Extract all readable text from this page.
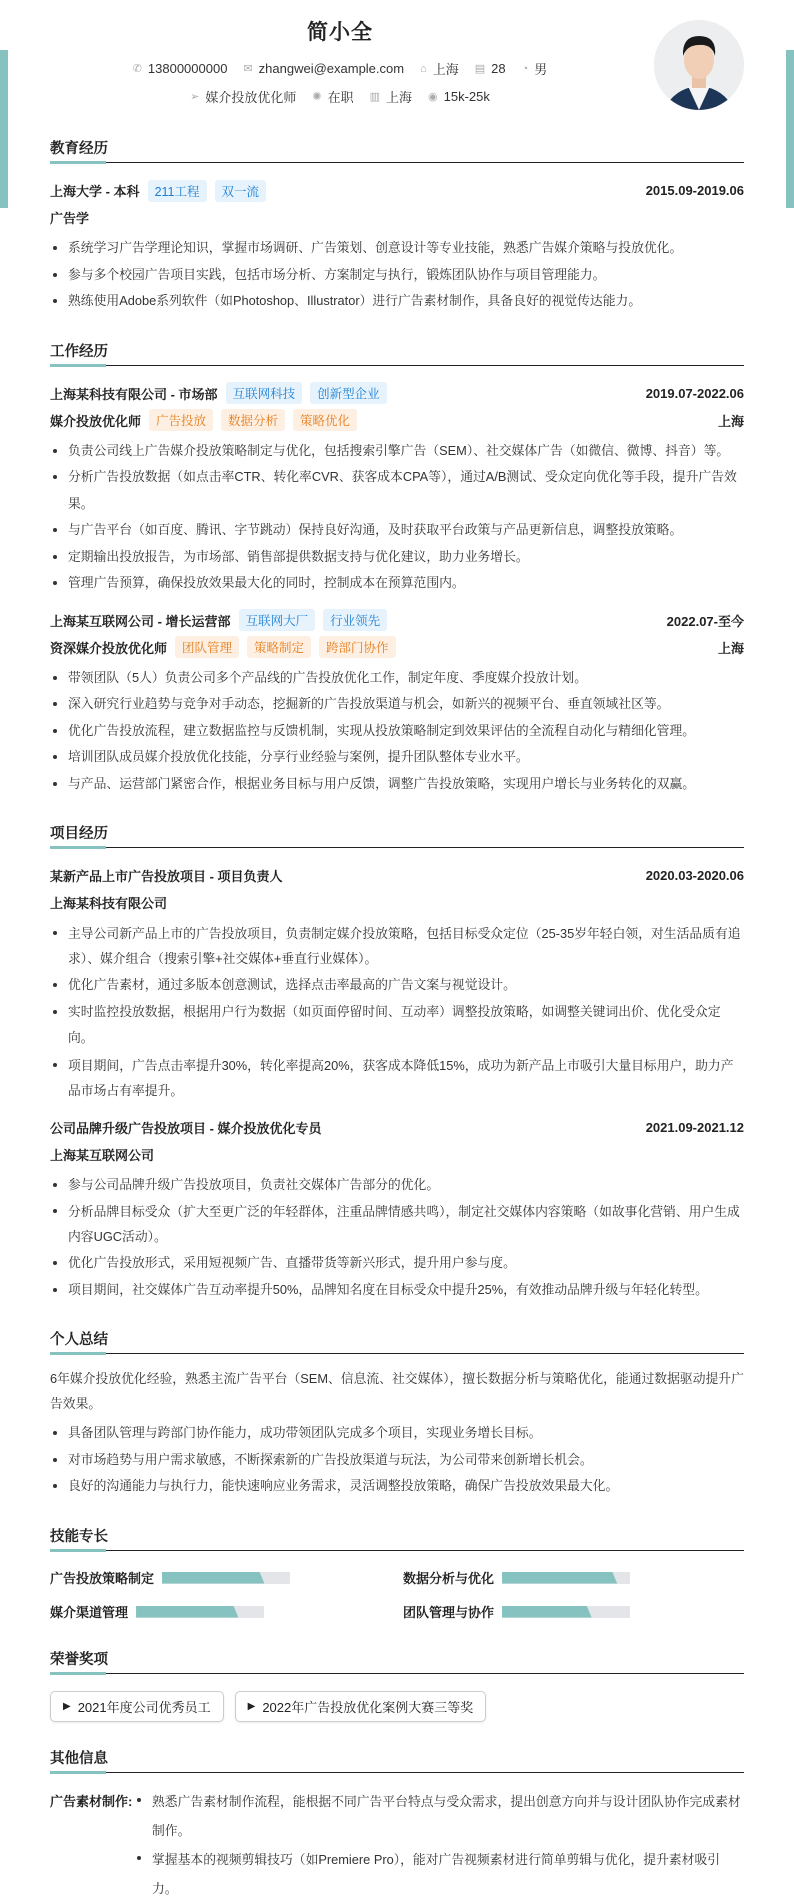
简小全
✆ 13800000000 ✉ zhangwei@example.com ⌂ 上海 ▤ 28 ◔ 男
➢ 媒介投放优化师 ✺ 在职 ▥ 上海 ◉ 15k-25k
教育经历
上海大学 - 本科	211工程	双一流	2015.09-2019.06
广告学
系统学习广告学理论知识，掌握市场调研、广告策划、创意设计等专业技能，熟悉广告媒介策略与投放优化。
参与多个校园广告项目实践，包括市场分析、方案制定与执行，锻炼团队协作与项目管理能力。
熟练使用Adobe系列软件（如Photoshop、Illustrator）进行广告素材制作，具备良好的视觉传达能力。
工作经历
上海某科技有限公司 - 市场部	互联网科技	创新型企业	2019.07-2022.06
媒介投放优化师	广告投放	数据分析	策略优化	上海
负责公司线上广告媒介投放策略制定与优化，包括搜索引擎广告（SEM）、社交媒体广告（如微信、微博、抖音）等。
分析广告投放数据（如点击率CTR、转化率CVR、获客成本CPA等），通过A/B测试、受众定向优化等手段，提升广告效果。
与广告平台（如百度、腾讯、字节跳动）保持良好沟通，及时获取平台政策与产品更新信息，调整投放策略。
定期输出投放报告，为市场部、销售部提供数据支持与优化建议，助力业务增长。
管理广告预算，确保投放效果最大化的同时，控制成本在预算范围内。
上海某互联网公司 - 增长运营部	互联网大厂	行业领先	2022.07-至今
资深媒介投放优化师	团队管理	策略制定	跨部门协作	上海
带领团队（5人）负责公司多个产品线的广告投放优化工作，制定年度、季度媒介投放计划。
深入研究行业趋势与竞争对手动态，挖掘新的广告投放渠道与机会，如新兴的视频平台、垂直领域社区等。
优化广告投放流程，建立数据监控与反馈机制，实现从投放策略制定到效果评估的全流程自动化与精细化管理。
培训团队成员媒介投放优化技能，分享行业经验与案例，提升团队整体专业水平。
与产品、运营部门紧密合作，根据业务目标与用户反馈，调整广告投放策略，实现用户增长与业务转化的双赢。
项目经历
某新产品上市广告投放项目 - 项目负责人	2020.03-2020.06
上海某科技有限公司
主导公司新产品上市的广告投放项目，负责制定媒介投放策略，包括目标受众定位（25-35岁年轻白领，对生活品质有追求）、媒介组合（搜索引擎+社交媒体+垂直行业媒体）。
优化广告素材，通过多版本创意测试，选择点击率最高的广告文案与视觉设计。
实时监控投放数据，根据用户行为数据（如页面停留时间、互动率）调整投放策略，如调整关键词出价、优化受众定向。
项目期间，广告点击率提升30%，转化率提高20%，获客成本降低15%，成功为新产品上市吸引大量目标用户，助力产品市场占有率提升。
公司品牌升级广告投放项目 - 媒介投放优化专员	2021.09-2021.12
上海某互联网公司
参与公司品牌升级广告投放项目，负责社交媒体广告部分的优化。
分析品牌目标受众（扩大至更广泛的年轻群体，注重品牌情感共鸣），制定社交媒体内容策略（如故事化营销、用户生成内容UGC活动）。
优化广告投放形式，采用短视频广告、直播带货等新兴形式，提升用户参与度。
项目期间，社交媒体广告互动率提升50%，品牌知名度在目标受众中提升25%，有效推动品牌升级与年轻化转型。
个人总结
6年媒介投放优化经验，熟悉主流广告平台（SEM、信息流、社交媒体），擅长数据分析与策略优化，能通过数据驱动提升广告效果。
具备团队管理与跨部门协作能力，成功带领团队完成多个项目，实现业务增长目标。
对市场趋势与用户需求敏感，不断探索新的广告投放渠道与玩法，为公司带来创新增长机会。
良好的沟通能力与执行力，能快速响应业务需求，灵活调整投放策略，确保广告投放效果最大化。
技能专长
广告投放策略制定	数据分析与优化
媒介渠道管理	团队管理与协作
荣誉奖项
▶ 2021年度公司优秀员工	▶ 2022年广告投放优化案例大赛三等奖
其他信息
广告素材制作:	熟悉广告素材制作流程，能根据不同广告平台特点与受众需求，提出创意方向并与设计团队协作完成素材制作。
掌握基本的视频剪辑技巧（如Premiere Pro），能对广告视频素材进行简单剪辑与优化，提升素材吸引力。
